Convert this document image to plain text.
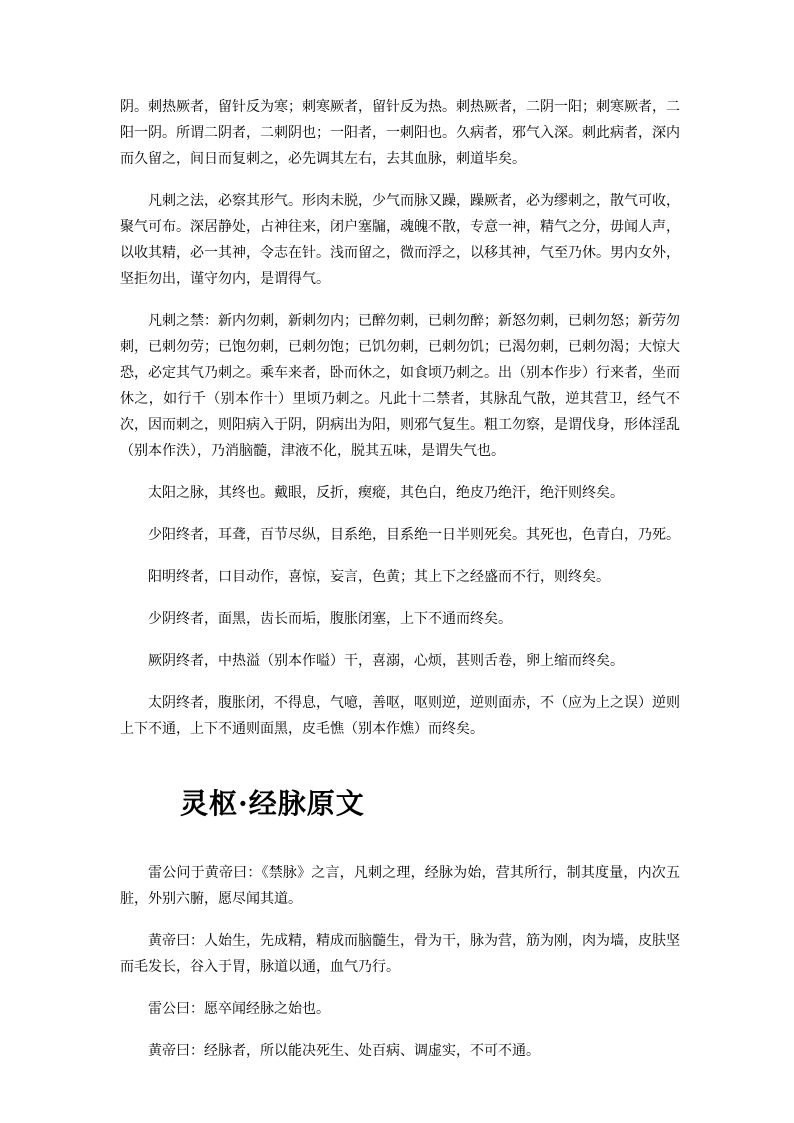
阴。刺热厥者，留针反为寒；刺寒厥者，留针反为热。刺热厥者，二阴一阳；刺寒厥者，二阳一阴。所谓二阴者，二刺阴也；一阳者，一刺阳也。久病者，邪气入深。刺此病者，深内而久留之，间日而复刺之，必先调其左右，去其血脉，刺道毕矣。

凡刺之法，必察其形气。形肉未脱，少气而脉又躁，躁厥者，必为缪刺之，散气可收，聚气可布。深居静处，占神往来，闭户塞牖，魂魄不散，专意一神，精气之分，毋闻人声，以收其精，必一其神，令志在针。浅而留之，微而浮之，以移其神，气至乃休。男内女外，坚拒勿出，谨守勿内，是谓得气。

凡刺之禁：新内勿刺，新刺勿内；已醉勿刺，已刺勿醉；新怒勿刺，已刺勿怒；新劳勿刺，已刺勿劳；已饱勿刺，已刺勿饱；已饥勿刺，已刺勿饥；已渴勿刺，已刺勿渴；大惊大恐，必定其气乃刺之。乘车来者，卧而休之，如食顷乃刺之。出（别本作步）行来者，坐而休之，如行千（别本作十）里顷乃刺之。凡此十二禁者，其脉乱气散，逆其营卫，经气不次，因而刺之，则阳病入于阴，阴病出为阳，则邪气复生。粗工勿察，是谓伐身，形体淫乱（别本作泆），乃消脑髓，津液不化，脱其五味，是谓失气也。

太阳之脉，其终也。戴眼，反折，瘈瘲，其色白，绝皮乃绝汗，绝汗则终矣。

少阳终者，耳聋，百节尽纵，目系绝，目系绝一日半则死矣。其死也，色青白，乃死。

阳明终者，口目动作，喜惊，妄言，色黄；其上下之经盛而不行，则终矣。

少阴终者，面黑，齿长而垢，腹胀闭塞，上下不通而终矣。

厥阴终者，中热溢（别本作嗌）干，喜溺，心烦，甚则舌卷，卵上缩而终矣。

太阴终者，腹胀闭，不得息，气噫，善呕，呕则逆，逆则面赤，不（应为上之误）逆则上下不通，上下不通则面黑，皮毛憔（别本作燋）而终矣。

灵枢·经脉原文

雷公问于黄帝曰：《禁脉》之言，凡刺之理，经脉为始，营其所行，制其度量，内次五脏，外别六腑，愿尽闻其道。

黄帝曰：人始生，先成精，精成而脑髓生，骨为干，脉为营，筋为刚，肉为墙，皮肤坚而毛发长，谷入于胃，脉道以通，血气乃行。

雷公曰：愿卒闻经脉之始也。

黄帝曰：经脉者，所以能决死生、处百病、调虚实，不可不通。
